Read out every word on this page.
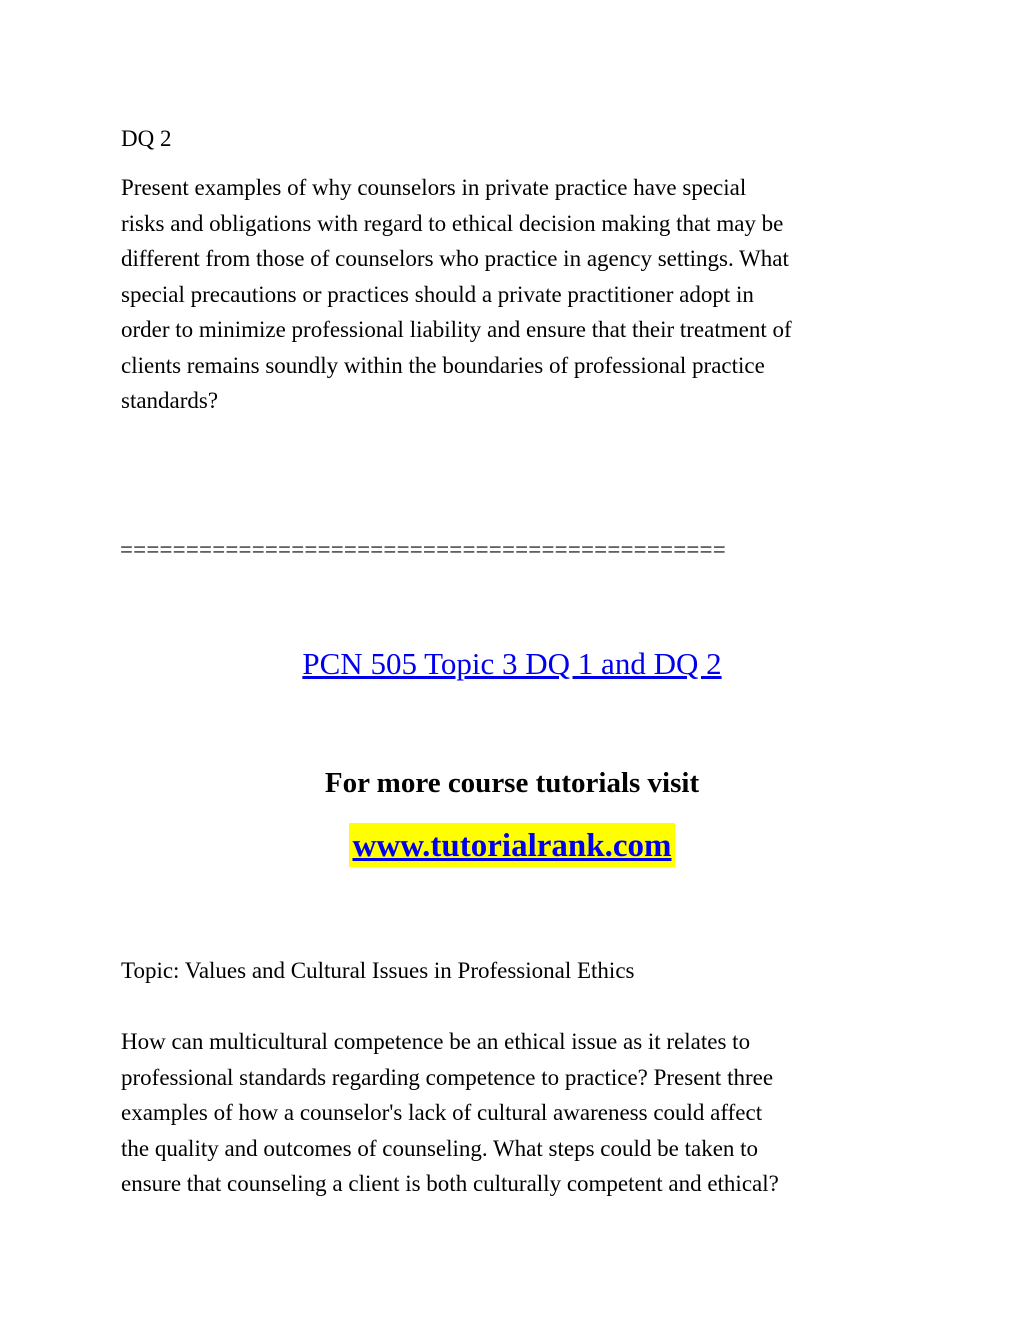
DQ 2
Present examples of why counselors in private practice have special
risks and obligations with regard to ethical decision making that may be
different from those of counselors who practice in agency settings. What
special precautions or practices should a private practitioner adopt in
order to minimize professional liability and ensure that their treatment of
clients remains soundly within the boundaries of professional practice
standards?
==============================================
PCN 505 Topic 3 DQ 1 and DQ 2
For more course tutorials visit
www.tutorialrank.com
Topic: Values and Cultural Issues in Professional Ethics
How can multicultural competence be an ethical issue as it relates to
professional standards regarding competence to practice? Present three
examples of how a counselor's lack of cultural awareness could affect
the quality and outcomes of counseling. What steps could be taken to
ensure that counseling a client is both culturally competent and ethical?
